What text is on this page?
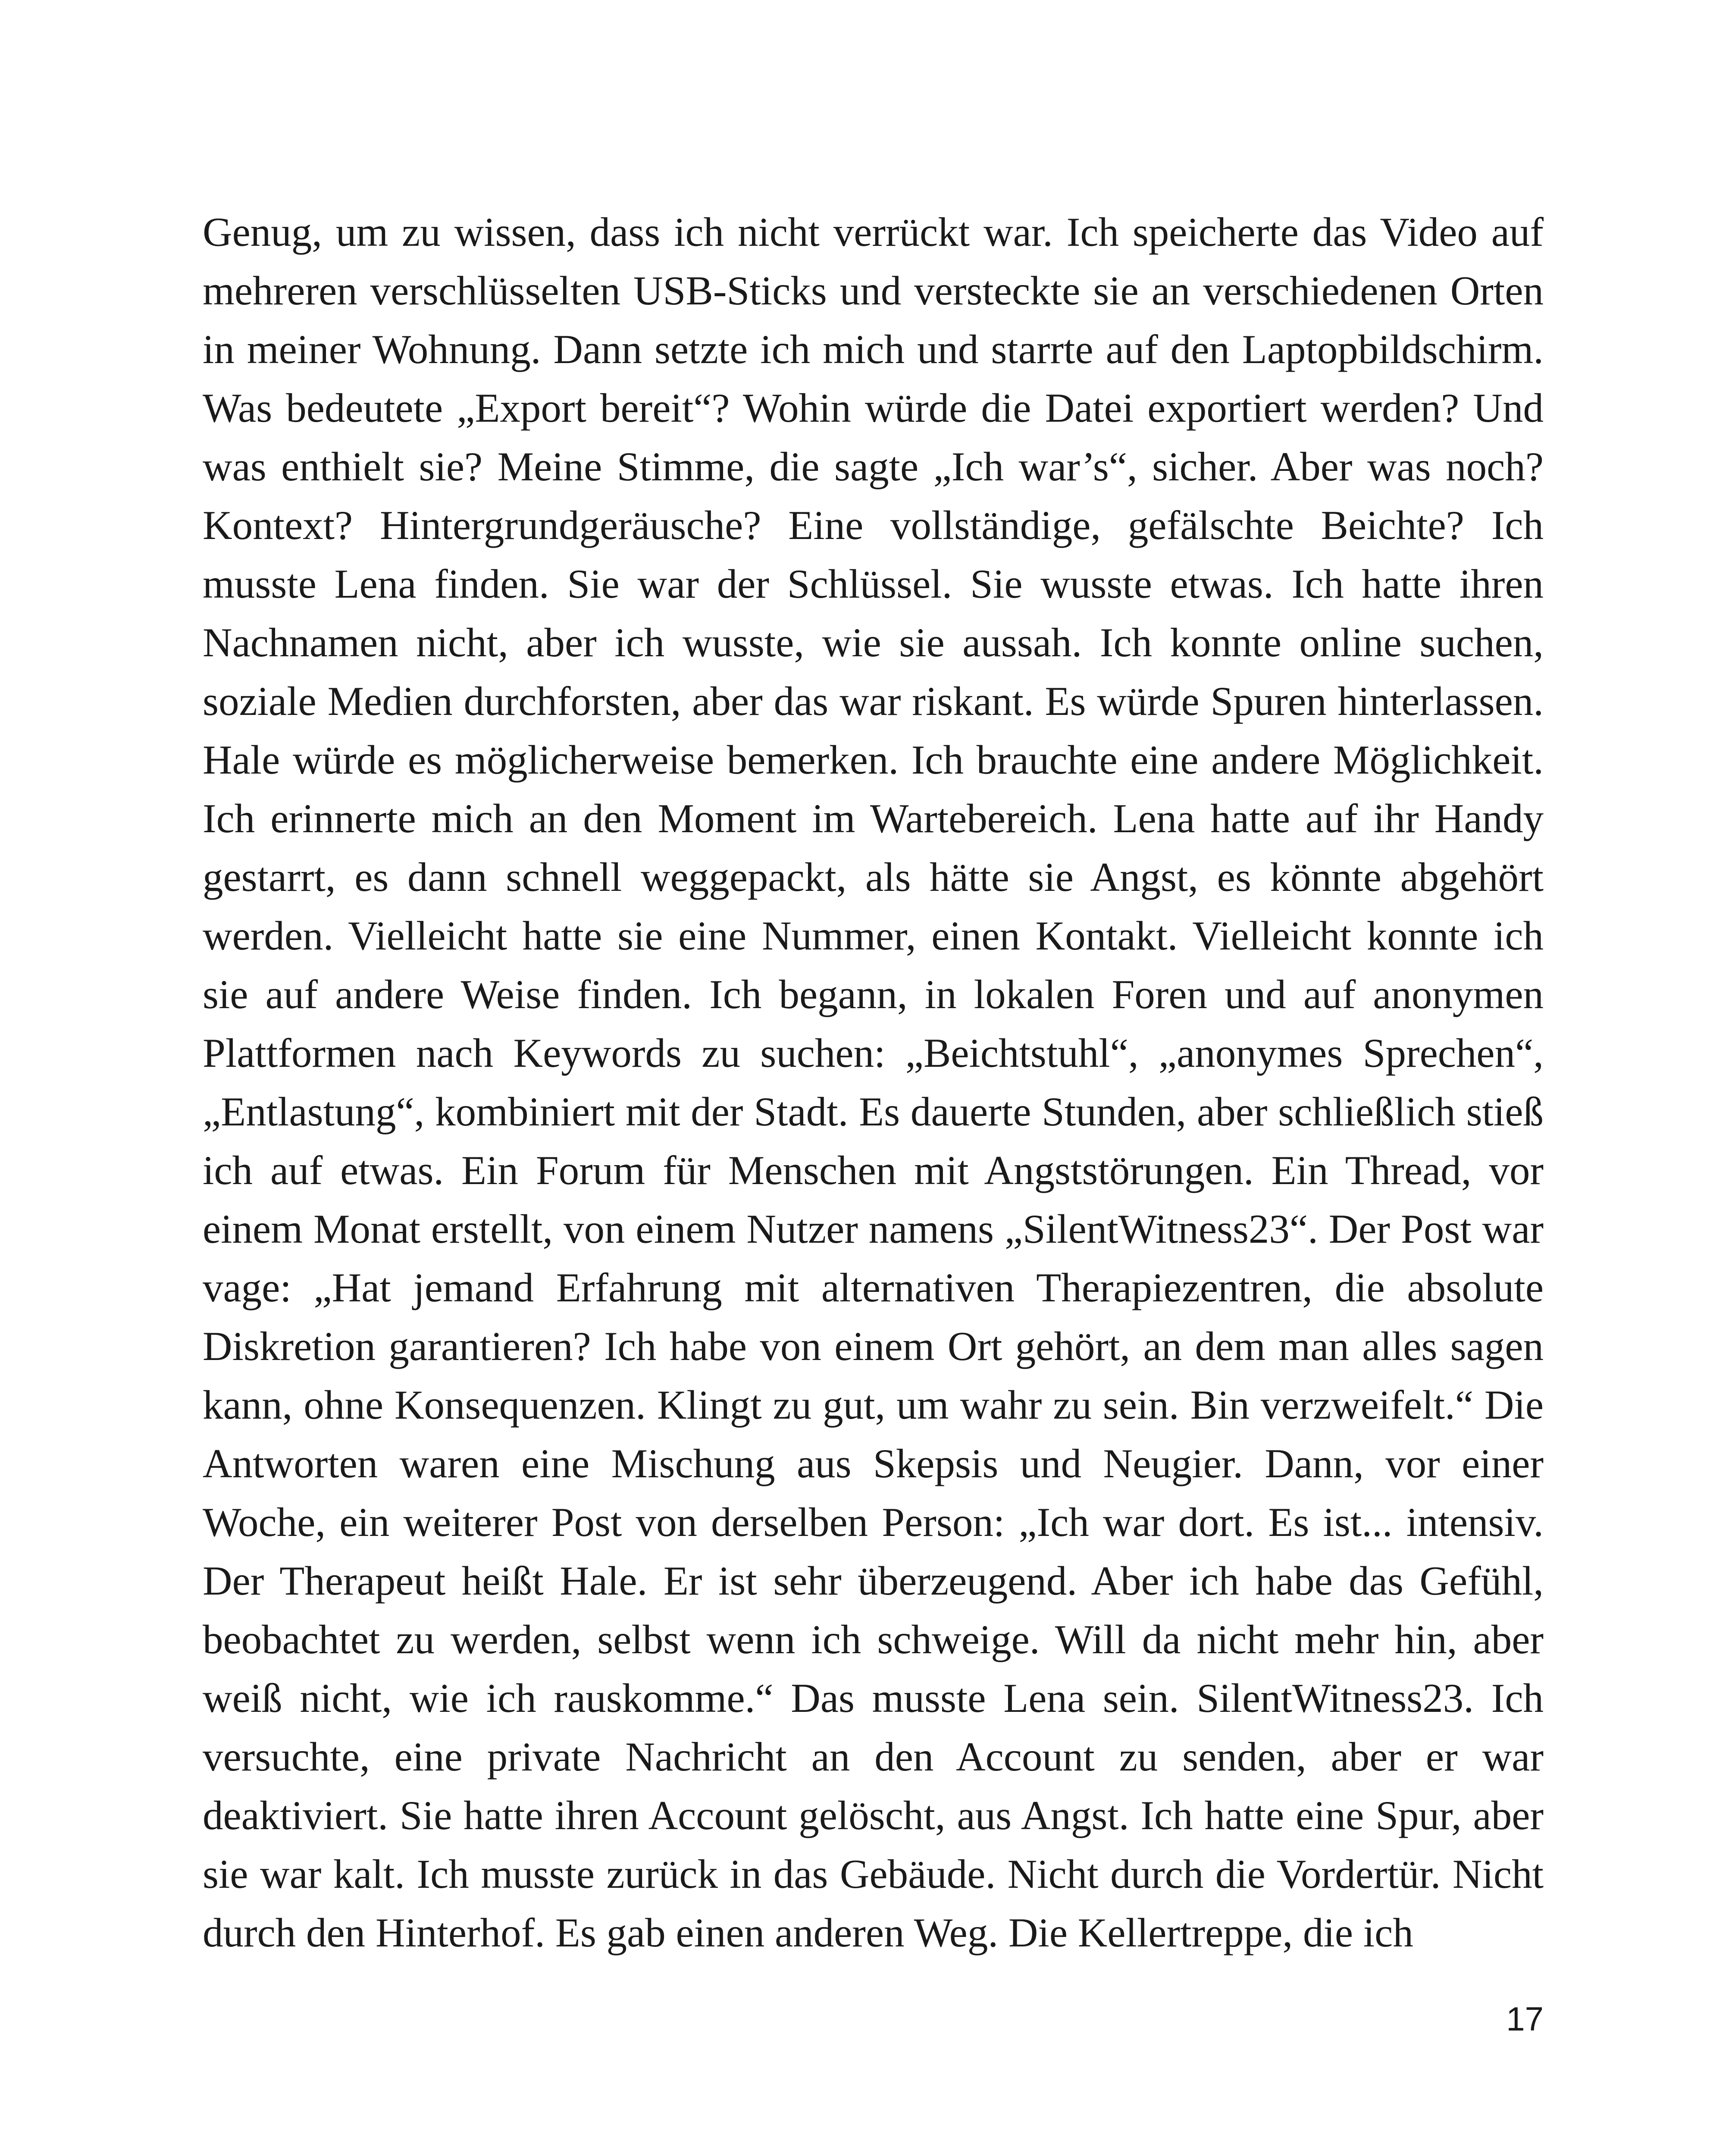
Genug, um zu wissen, dass ich nicht verrückt war. Ich speicherte das Video auf mehreren verschlüsselten USB-Sticks und versteckte sie an verschiedenen Orten in meiner Wohnung. Dann setzte ich mich und starrte auf den Laptopbildschirm. Was bedeutete „Export bereit“? Wohin würde die Datei exportiert werden? Und was enthielt sie? Meine Stimme, die sagte „Ich war’s“, sicher. Aber was noch? Kontext? Hintergrundgeräusche? Eine vollständige, gefälschte Beichte? Ich musste Lena finden. Sie war der Schlüssel. Sie wusste etwas. Ich hatte ihren Nachnamen nicht, aber ich wusste, wie sie aussah. Ich konnte online suchen, soziale Medien durchforsten, aber das war riskant. Es würde Spuren hinterlassen. Hale würde es möglicherweise bemerken. Ich brauchte eine andere Möglichkeit. Ich erinnerte mich an den Moment im Wartebereich. Lena hatte auf ihr Handy gestarrt, es dann schnell weggepackt, als hätte sie Angst, es könnte abgehört werden. Vielleicht hatte sie eine Nummer, einen Kontakt. Vielleicht konnte ich sie auf andere Weise finden. Ich begann, in lokalen Foren und auf anonymen Plattformen nach Keywords zu suchen: „Beichtstuhl“, „anonymes Sprechen“, „Entlastung“, kombiniert mit der Stadt. Es dauerte Stunden, aber schließlich stieß ich auf etwas. Ein Forum für Menschen mit Angststörungen. Ein Thread, vor einem Monat erstellt, von einem Nutzer namens „SilentWitness23“. Der Post war vage: „Hat jemand Erfahrung mit alternativen Therapiezentren, die absolute Diskretion garantieren? Ich habe von einem Ort gehört, an dem man alles sagen kann, ohne Konsequenzen. Klingt zu gut, um wahr zu sein. Bin verzweifelt.“ Die Antworten waren eine Mischung aus Skepsis und Neugier. Dann, vor einer Woche, ein weiterer Post von derselben Person: „Ich war dort. Es ist... intensiv. Der Therapeut heißt Hale. Er ist sehr überzeugend. Aber ich habe das Gefühl, beobachtet zu werden, selbst wenn ich schweige. Will da nicht mehr hin, aber weiß nicht, wie ich rauskomme.“ Das musste Lena sein. SilentWitness23. Ich versuchte, eine private Nachricht an den Account zu senden, aber er war deaktiviert. Sie hatte ihren Account gelöscht, aus Angst. Ich hatte eine Spur, aber sie war kalt. Ich musste zurück in das Gebäude. Nicht durch die Vordertür. Nicht durch den Hinterhof. Es gab einen anderen Weg. Die Kellertreppe, die ich

17
